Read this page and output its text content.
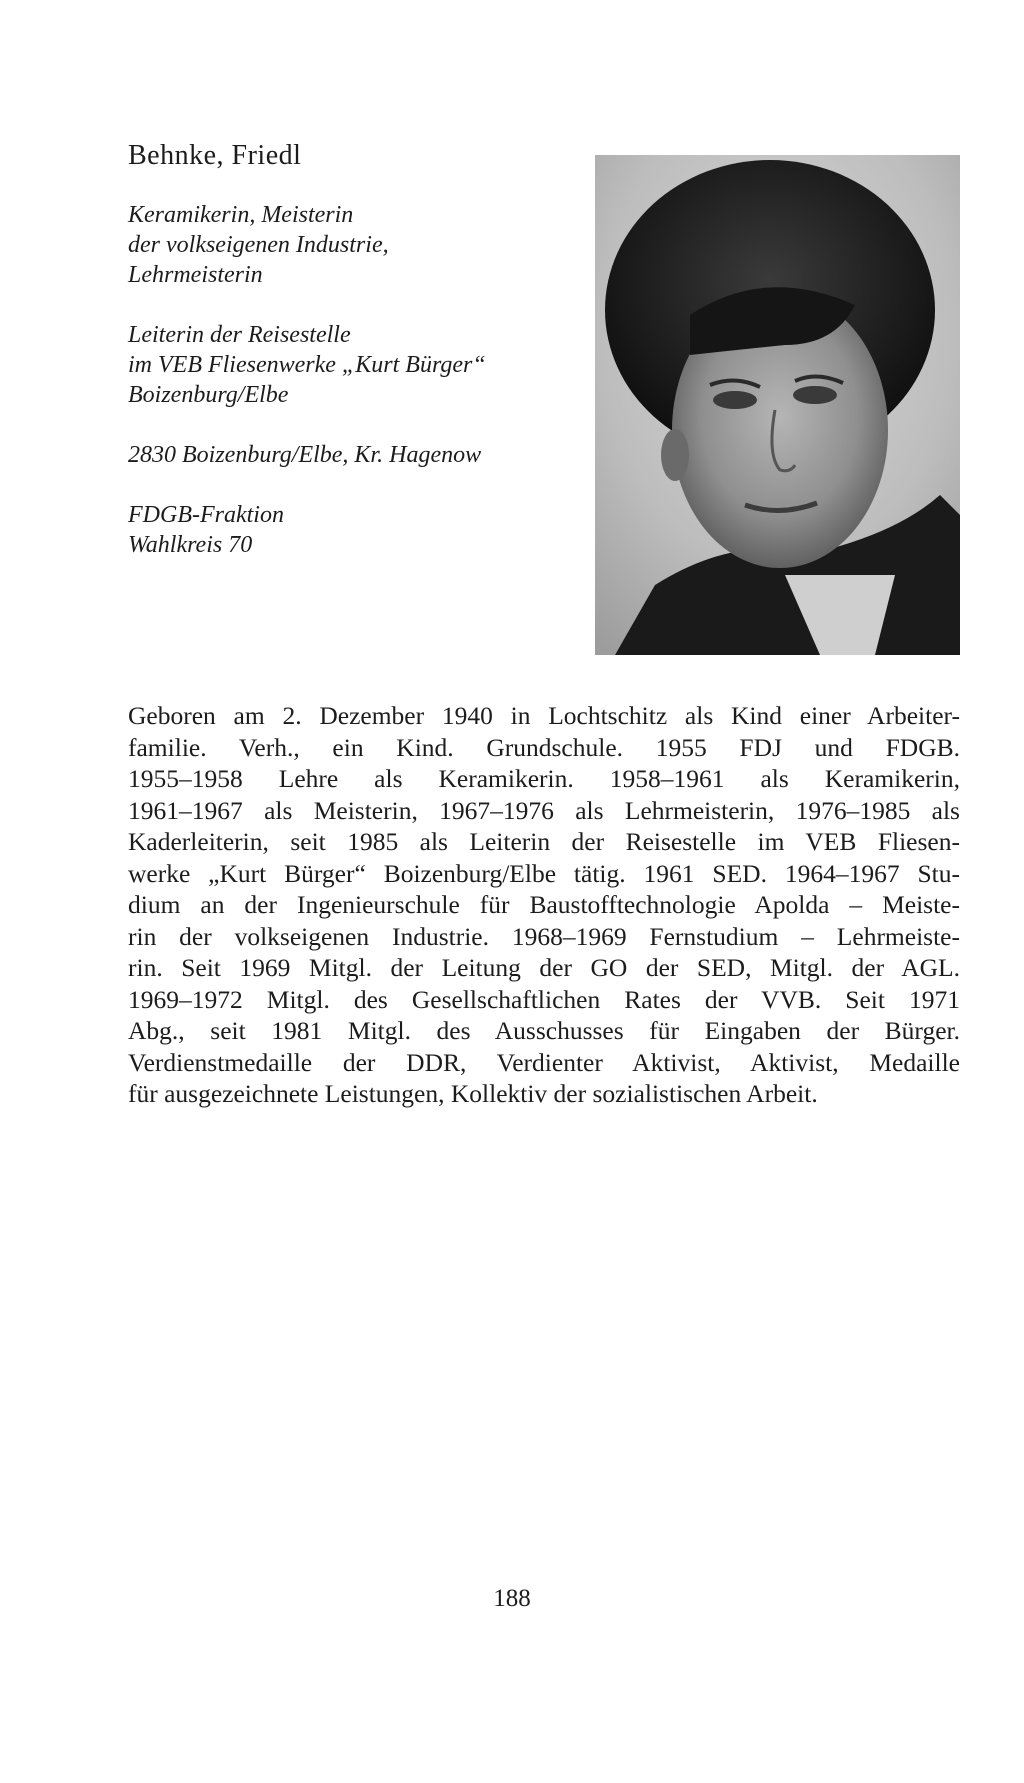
Behnke, Friedl
Keramikerin, Meisterin
der volkseigenen Industrie,
Lehrmeisterin
Leiterin der Reisestelle
im VEB Fliesenwerke „Kurt Bürger“
Boizenburg/Elbe
2830 Boizenburg/Elbe, Kr. Hagenow
FDGB-Fraktion
Wahlkreis 70
Geboren am 2. Dezember 1940 in Lochtschitz als Kind einer Arbeiter-
familie. Verh., ein Kind. Grundschule. 1955 FDJ und FDGB.
1955–1958 Lehre als Keramikerin. 1958–1961 als Keramikerin,
1961–1967 als Meisterin, 1967–1976 als Lehrmeisterin, 1976–1985 als
Kaderleiterin, seit 1985 als Leiterin der Reisestelle im VEB Fliesen-
werke „Kurt Bürger“ Boizenburg/Elbe tätig. 1961 SED. 1964–1967 Stu-
dium an der Ingenieurschule für Baustofftechnologie Apolda – Meiste-
rin der volkseigenen Industrie. 1968–1969 Fernstudium – Lehrmeiste-
rin. Seit 1969 Mitgl. der Leitung der GO der SED, Mitgl. der AGL.
1969–1972 Mitgl. des Gesellschaftlichen Rates der VVB. Seit 1971
Abg., seit 1981 Mitgl. des Ausschusses für Eingaben der Bürger.
Verdienstmedaille der DDR, Verdienter Aktivist, Aktivist, Medaille
für ausgezeichnete Leistungen, Kollektiv der sozialistischen Arbeit.
188
